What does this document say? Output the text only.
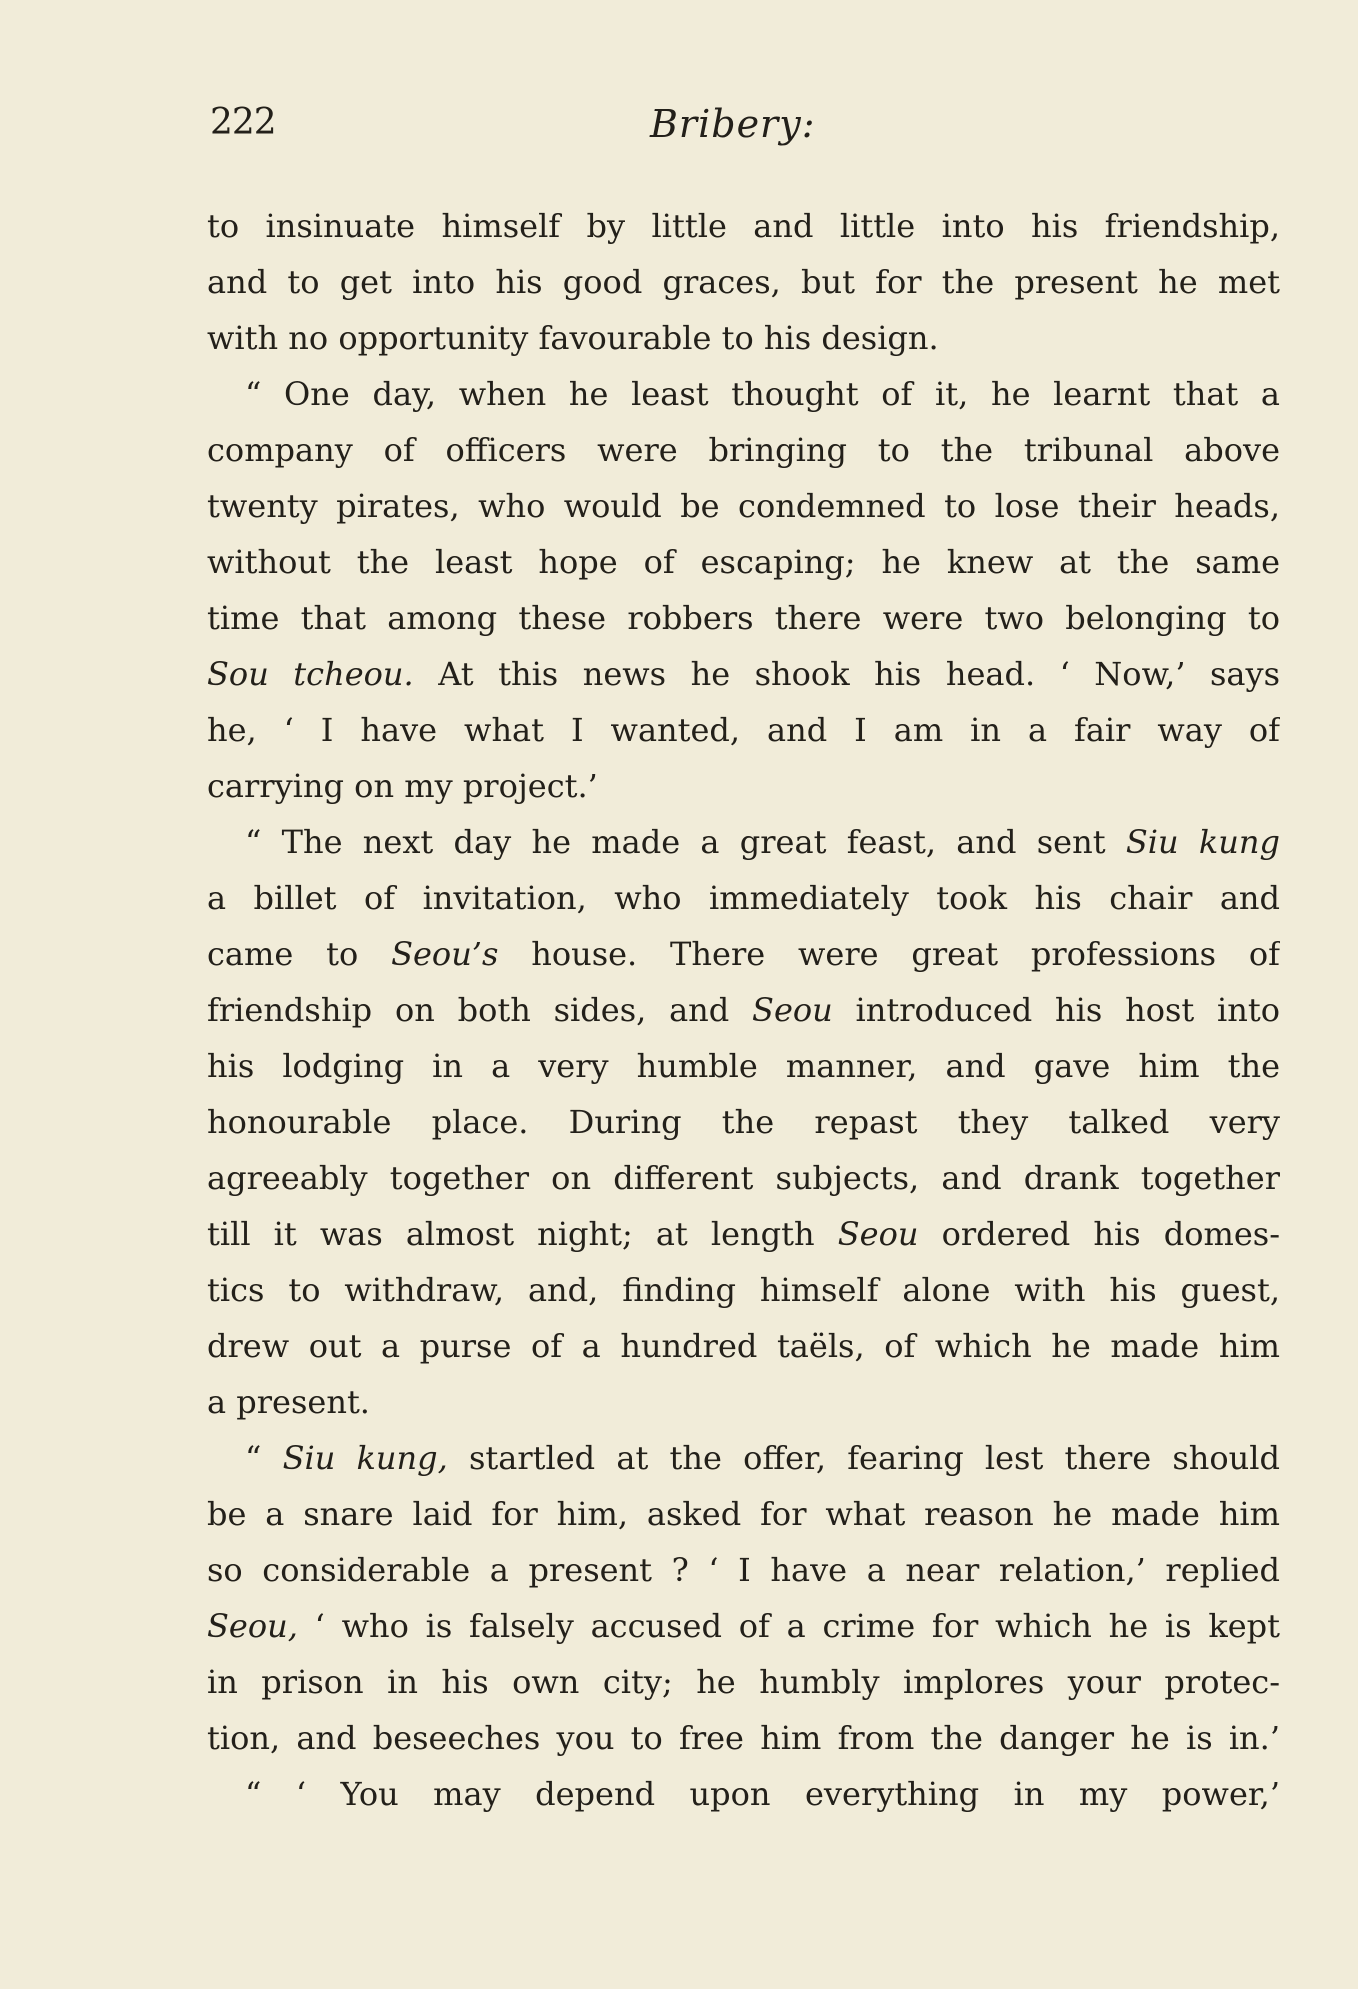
222	Bribery:
to insinuate himself by little and little into his friendship,
and to get into his good graces, but for the present he met
with no opportunity favourable to his design.
“ One day, when he least thought of it, he learnt that a
company of officers were bringing to the tribunal above
twenty pirates, who would be condemned to lose their heads,
without the least hope of escaping; he knew at the same
time that among these robbers there were two belonging to
Sou tcheou. At this news he shook his head. ‘ Now,’ says
he, ‘ I have what I wanted, and I am in a fair way of
carrying on my project.’
“ The next day he made a great feast, and sent Siu kung
a billet of invitation, who immediately took his chair and
came to Seou’s house. There were great professions of
friendship on both sides, and Seou introduced his host into
his lodging in a very humble manner, and gave him the
honourable place. During the repast they talked very
agreeably together on different subjects, and drank together
till it was almost night; at length Seou ordered his domes-
tics to withdraw, and, finding himself alone with his guest,
drew out a purse of a hundred taëls, of which he made him
a present.
“ Siu kung, startled at the offer, fearing lest there should
be a snare laid for him, asked for what reason he made him
so considerable a present ? ‘ I have a near relation,’ replied
Seou, ‘ who is falsely accused of a crime for which he is kept
in prison in his own city; he humbly implores your protec-
tion, and beseeches you to free him from the danger he is in.’
“ ‘ You may depend upon everything in my power,’
